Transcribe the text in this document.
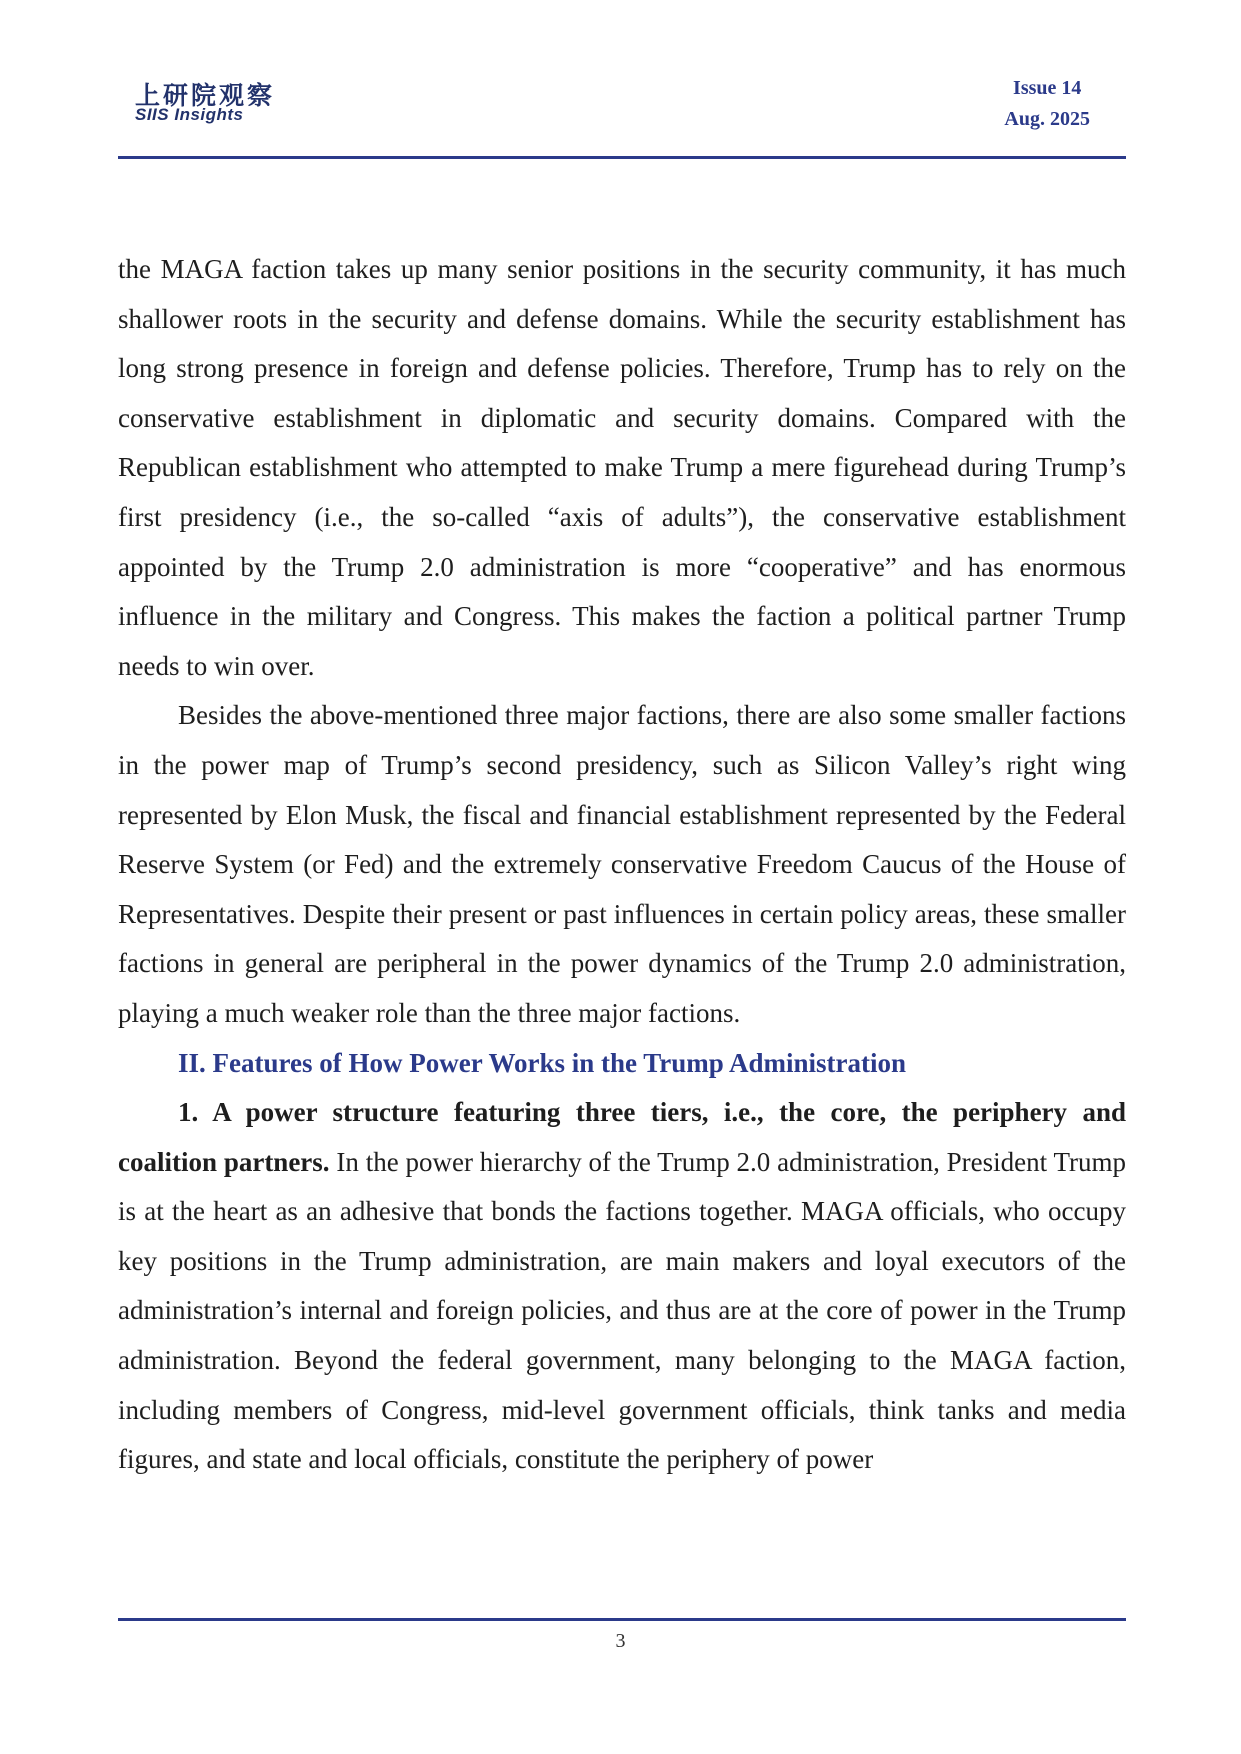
上研院观察
SIIS Insights
Issue 14
Aug. 2025

the MAGA faction takes up many senior positions in the security community, it has much shallower roots in the security and defense domains. While the security establishment has long strong presence in foreign and defense policies. Therefore, Trump has to rely on the conservative establishment in diplomatic and security domains. Compared with the Republican establishment who attempted to make Trump a mere figurehead during Trump’s first presidency (i.e., the so-called “axis of adults”), the conservative establishment appointed by the Trump 2.0 administration is more “cooperative” and has enormous influence in the military and Congress. This makes the faction a political partner Trump needs to win over.

Besides the above-mentioned three major factions, there are also some smaller factions in the power map of Trump’s second presidency, such as Silicon Valley’s right wing represented by Elon Musk, the fiscal and financial establishment represented by the Federal Reserve System (or Fed) and the extremely conservative Freedom Caucus of the House of Representatives. Despite their present or past influences in certain policy areas, these smaller factions in general are peripheral in the power dynamics of the Trump 2.0 administration, playing a much weaker role than the three major factions.

II. Features of How Power Works in the Trump Administration

1. A power structure featuring three tiers, i.e., the core, the periphery and coalition partners. In the power hierarchy of the Trump 2.0 administration, President Trump is at the heart as an adhesive that bonds the factions together. MAGA officials, who occupy key positions in the Trump administration, are main makers and loyal executors of the administration’s internal and foreign policies, and thus are at the core of power in the Trump administration. Beyond the federal government, many belonging to the MAGA faction, including members of Congress, mid-level government officials, think tanks and media figures, and state and local officials, constitute the periphery of power

3
